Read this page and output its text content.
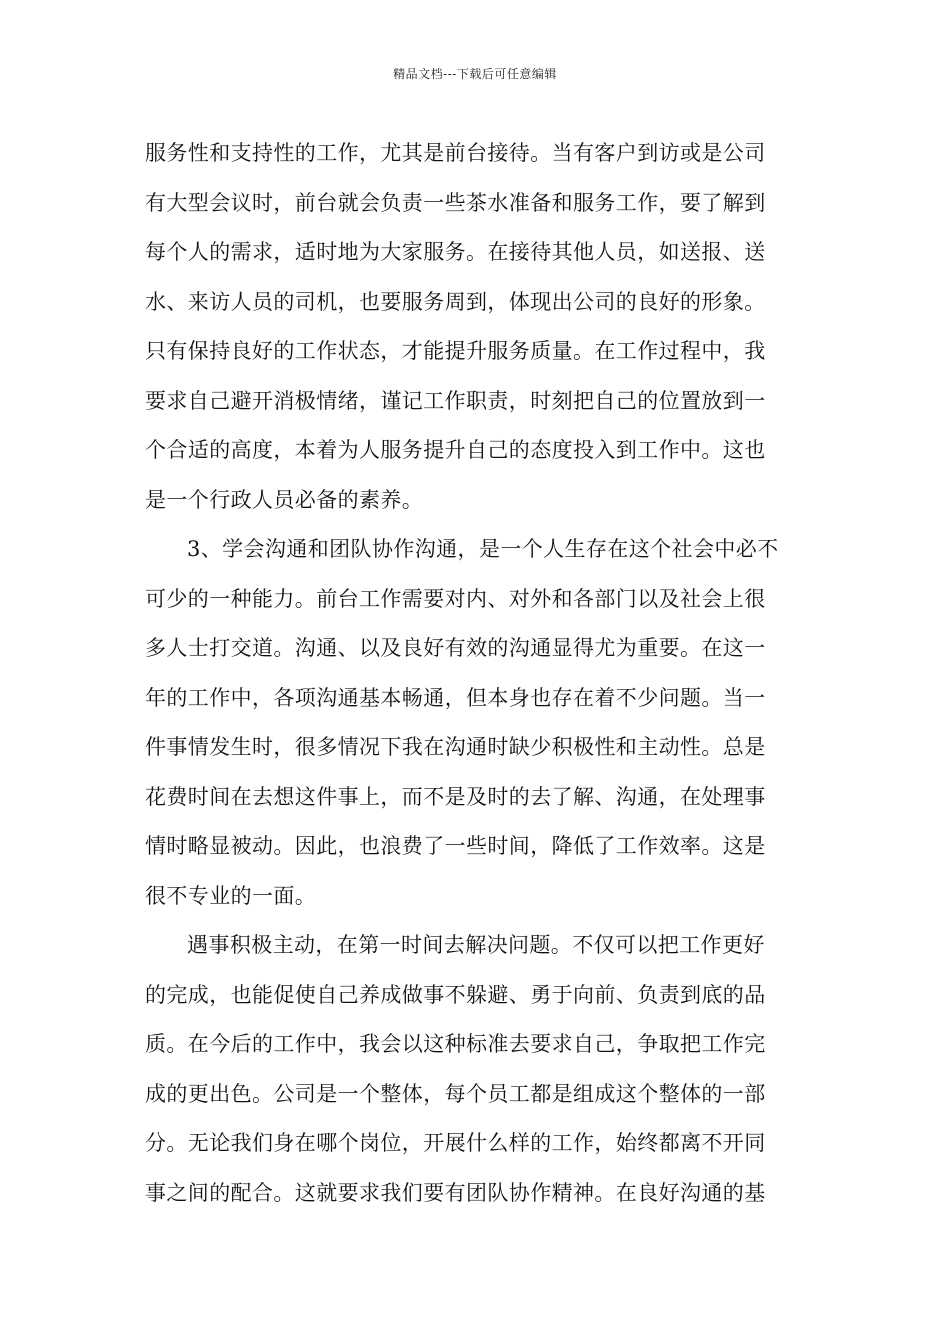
精品文档---下载后可任意编辑
服务性和支持性的工作，尤其是前台接待。当有客户到访或是公司
有大型会议时，前台就会负责一些茶水准备和服务工作，要了解到
每个人的需求，适时地为大家服务。在接待其他人员，如送报、送
水、来访人员的司机，也要服务周到，体现出公司的良好的形象。
只有保持良好的工作状态，才能提升服务质量。在工作过程中，我
要求自己避开消极情绪，谨记工作职责，时刻把自己的位置放到一
个合适的高度，本着为人服务提升自己的态度投入到工作中。这也
是一个行政人员必备的素养。
3、学会沟通和团队协作沟通，是一个人生存在这个社会中必不
可少的一种能力。前台工作需要对内、对外和各部门以及社会上很
多人士打交道。沟通、以及良好有效的沟通显得尤为重要。在这一
年的工作中，各项沟通基本畅通，但本身也存在着不少问题。当一
件事情发生时，很多情况下我在沟通时缺少积极性和主动性。总是
花费时间在去想这件事上，而不是及时的去了解、沟通，在处理事
情时略显被动。因此，也浪费了一些时间，降低了工作效率。这是
很不专业的一面。
遇事积极主动，在第一时间去解决问题。不仅可以把工作更好
的完成，也能促使自己养成做事不躲避、勇于向前、负责到底的品
质。在今后的工作中，我会以这种标准去要求自己，争取把工作完
成的更出色。公司是一个整体，每个员工都是组成这个整体的一部
分。无论我们身在哪个岗位，开展什么样的工作，始终都离不开同
事之间的配合。这就要求我们要有团队协作精神。在良好沟通的基
